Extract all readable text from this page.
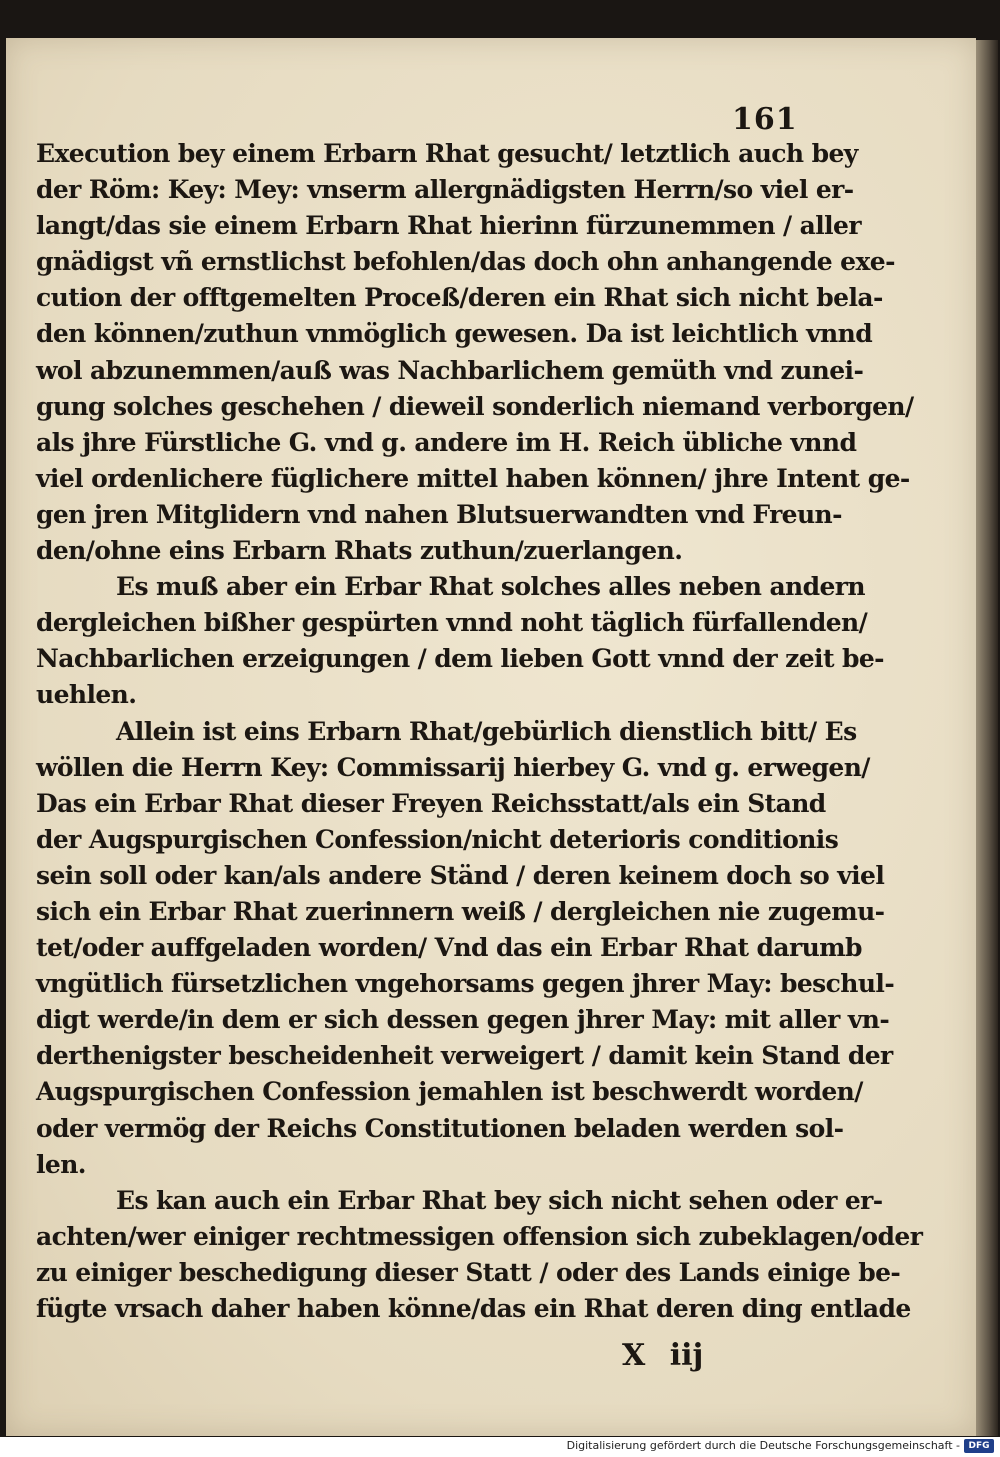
161
Execution bey einem Erbarn Rhat gesucht/ letztlich auch bey
der Röm: Key: Mey: vnserm allergnädigsten Herrn/so viel er-
langt/das sie einem Erbarn Rhat hierinn fürzunemmen / aller
gnädigst vñ ernstlichst befohlen/das doch ohn anhangende exe-
cution der offtgemelten Proceß/deren ein Rhat sich nicht bela-
den können/zuthun vnmöglich gewesen. Da ist leichtlich vnnd
wol abzunemmen/auß was Nachbarlichem gemüth vnd zunei-
gung solches geschehen / dieweil sonderlich niemand verborgen/
als jhre Fürstliche G. vnd g. andere im H. Reich übliche vnnd
viel ordenlichere füglichere mittel haben können/ jhre Intent ge-
gen jren Mitglidern vnd nahen Blutsuerwandten vnd Freun-
den/ohne eins Erbarn Rhats zuthun/zuerlangen.
Es muß aber ein Erbar Rhat solches alles neben andern
dergleichen bißher gespürten vnnd noht täglich fürfallenden/
Nachbarlichen erzeigungen / dem lieben Gott vnnd der zeit be-
uehlen.
Allein ist eins Erbarn Rhat/gebürlich dienstlich bitt/ Es
wöllen die Herrn Key: Commissarij hierbey G. vnd g. erwegen/
Das ein Erbar Rhat dieser Freyen Reichsstatt/als ein Stand
der Augspurgischen Confession/nicht deterioris conditionis
sein soll oder kan/als andere Ständ / deren keinem doch so viel
sich ein Erbar Rhat zuerinnern weiß / dergleichen nie zugemu-
tet/oder auffgeladen worden/ Vnd das ein Erbar Rhat darumb
vngütlich fürsetzlichen vngehorsams gegen jhrer May: beschul-
digt werde/in dem er sich dessen gegen jhrer May: mit aller vn-
derthenigster bescheidenheit verweigert / damit kein Stand der
Augspurgischen Confession jemahlen ist beschwerdt worden/
oder vermög der Reichs Constitutionen beladen werden sol-
len.
Es kan auch ein Erbar Rhat bey sich nicht sehen oder er-
achten/wer einiger rechtmessigen offension sich zubeklagen/oder
zu einiger beschedigung dieser Statt / oder des Lands einige be-
fügte vrsach daher haben könne/das ein Rhat deren ding entlade
X iij
Digitalisierung gefördert durch die Deutsche Forschungsgemeinschaft - DFG
